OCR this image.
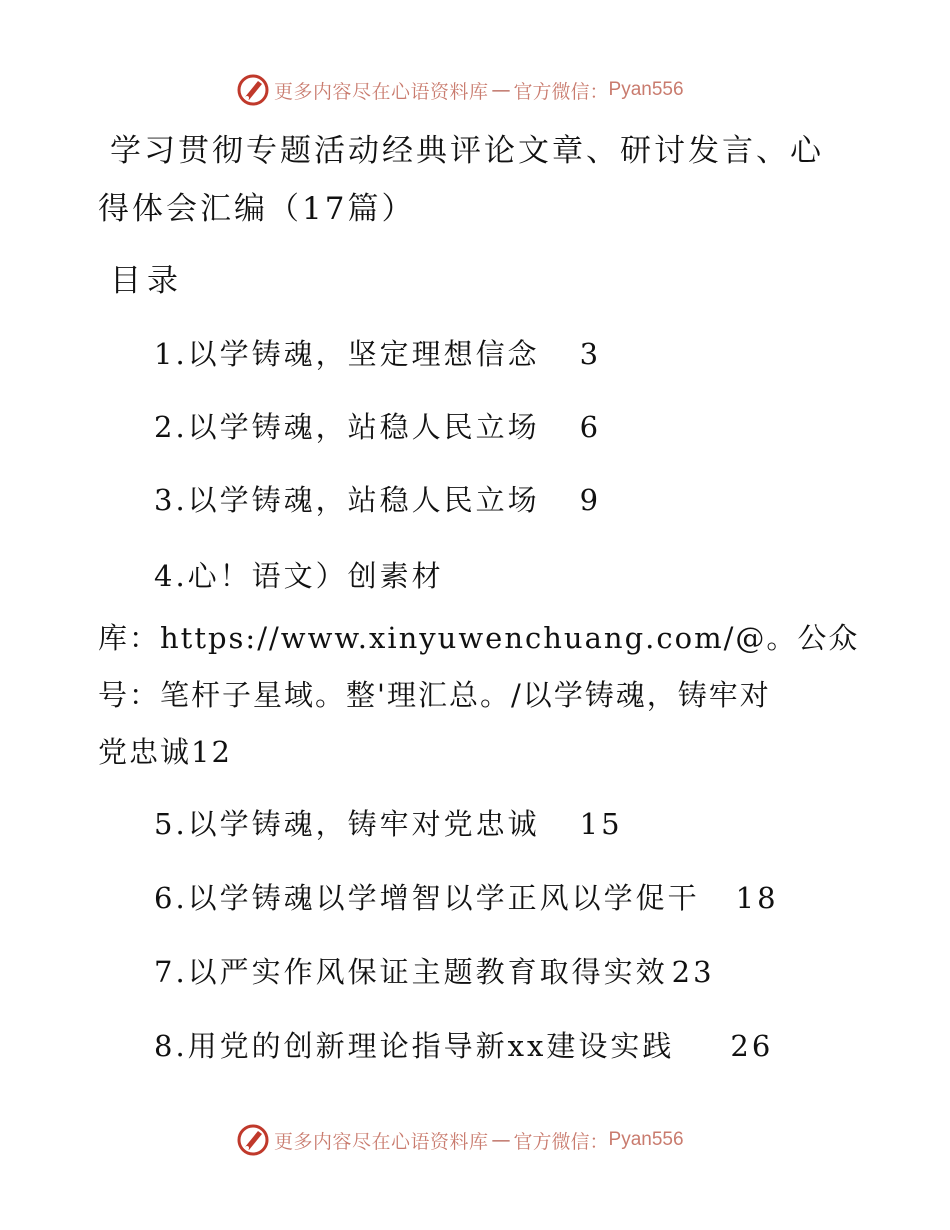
更多内容尽在心语资料库 — 官方微信： Pyan556
学习贯彻专题活动经典评论文章、研讨发言、心
得体会汇编（17篇）
目录
1.以学铸魂，坚定理想信念 3
2.以学铸魂，站稳人民立场 6
3.以学铸魂，站稳人民立场 9
4.心！语文）创素材
库：https://www.xinyuwenchuang.com/@。公众
号：笔杆子星域。整'理汇总。/以学铸魂，铸牢对
党忠诚12
5.以学铸魂，铸牢对党忠诚 15
6.以学铸魂以学增智以学正风以学促干 18
7.以严实作风保证主题教育取得实效 23
8.用党的创新理论指导新xx建设实践 26
更多内容尽在心语资料库 — 官方微信： Pyan556
